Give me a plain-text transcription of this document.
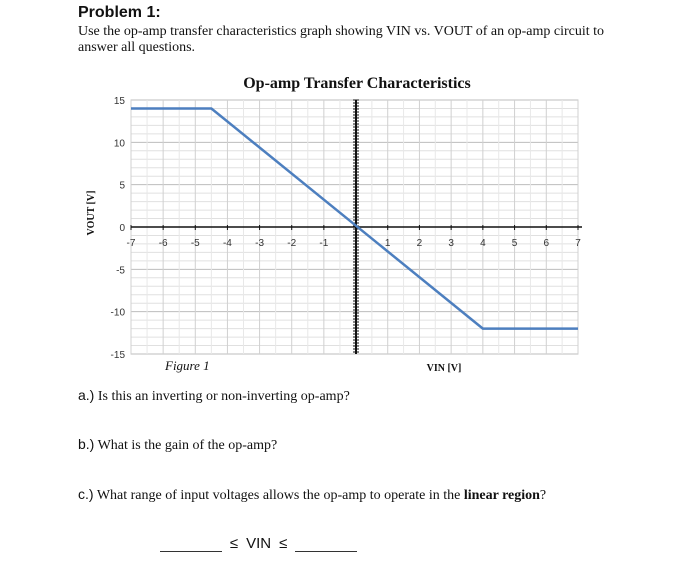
Problem 1:
Use the op-amp transfer characteristics graph showing VIN vs. VOUT of an op-amp circuit to answer all questions.
Op-amp Transfer Characteristics
-7 -6 -5 -4 -3 -2 -1	1	2	3	4	5	6	7
15
10
5
0
-5
-10
-15
VIN [V]
VOUT [V]
Figure 1
a.) Is this an inverting or non-inverting op-amp?
b.) What is the gain of the op-amp?
c.) What range of input voltages allows the op-amp to operate in the linear region?
≤ VIN ≤
